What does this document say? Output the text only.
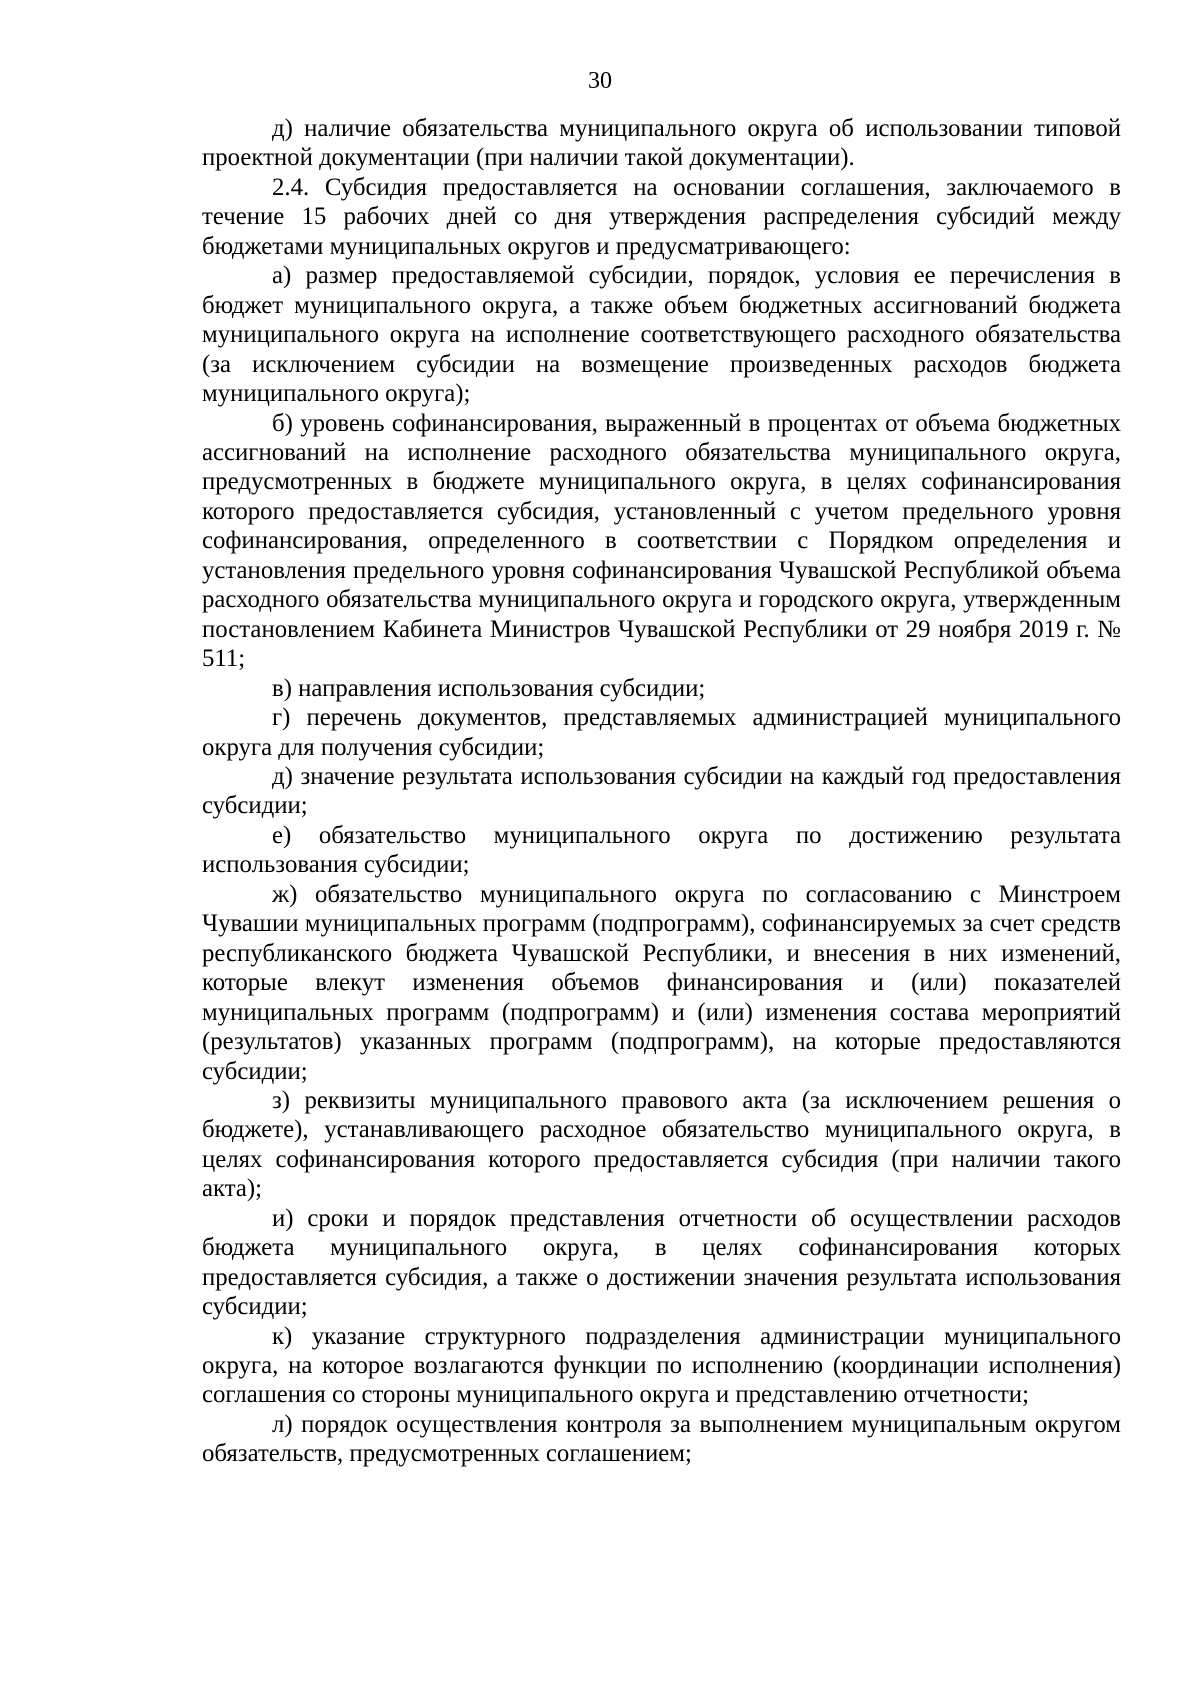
30

д) наличие обязательства муниципального округа об использовании типовой проектной документации (при наличии такой документации).

2.4. Субсидия предоставляется на основании соглашения, заключаемого в течение 15 рабочих дней со дня утверждения распределения субсидий между бюджетами муниципальных округов и предусматривающего:

а) размер предоставляемой субсидии, порядок, условия ее перечисления в бюджет муниципального округа, а также объем бюджетных ассигнований бюджета муниципального округа на исполнение соответствующего расходного обязательства (за исключением субсидии на возмещение произведенных расходов бюджета муниципального округа);

б) уровень софинансирования, выраженный в процентах от объема бюджетных ассигнований на исполнение расходного обязательства муниципального округа, предусмотренных в бюджете муниципального округа, в целях софинансирования которого предоставляется субсидия, установленный с учетом предельного уровня софинансирования, определенного в соответствии с Порядком определения и установления предельного уровня софинансирования Чувашской Республикой объема расходного обязательства муниципального округа и городского округа, утвержденным постановлением Кабинета Министров Чувашской Республики от 29 ноября 2019 г. № 511;

в) направления использования субсидии;

г) перечень документов, представляемых администрацией муниципального округа для получения субсидии;

д) значение результата использования субсидии на каждый год предоставления субсидии;

е) обязательство муниципального округа по достижению результата использования субсидии;

ж) обязательство муниципального округа по согласованию с Минстроем Чувашии муниципальных программ (подпрограмм), софинансируемых за счет средств республиканского бюджета Чувашской Республики, и внесения в них изменений, которые влекут изменения объемов финансирования и (или) показателей муниципальных программ (подпрограмм) и (или) изменения состава мероприятий (результатов) указанных программ (подпрограмм), на которые предоставляются субсидии;

з) реквизиты муниципального правового акта (за исключением решения о бюджете), устанавливающего расходное обязательство муниципального округа, в целях софинансирования которого предоставляется субсидия (при наличии такого акта);

и) сроки и порядок представления отчетности об осуществлении расходов бюджета муниципального округа, в целях софинансирования которых предоставляется субсидия, а также о достижении значения результата использования субсидии;

к) указание структурного подразделения администрации муниципального округа, на которое возлагаются функции по исполнению (координации исполнения) соглашения со стороны муниципального округа и представлению отчетности;

л) порядок осуществления контроля за выполнением муниципальным округом обязательств, предусмотренных соглашением;
